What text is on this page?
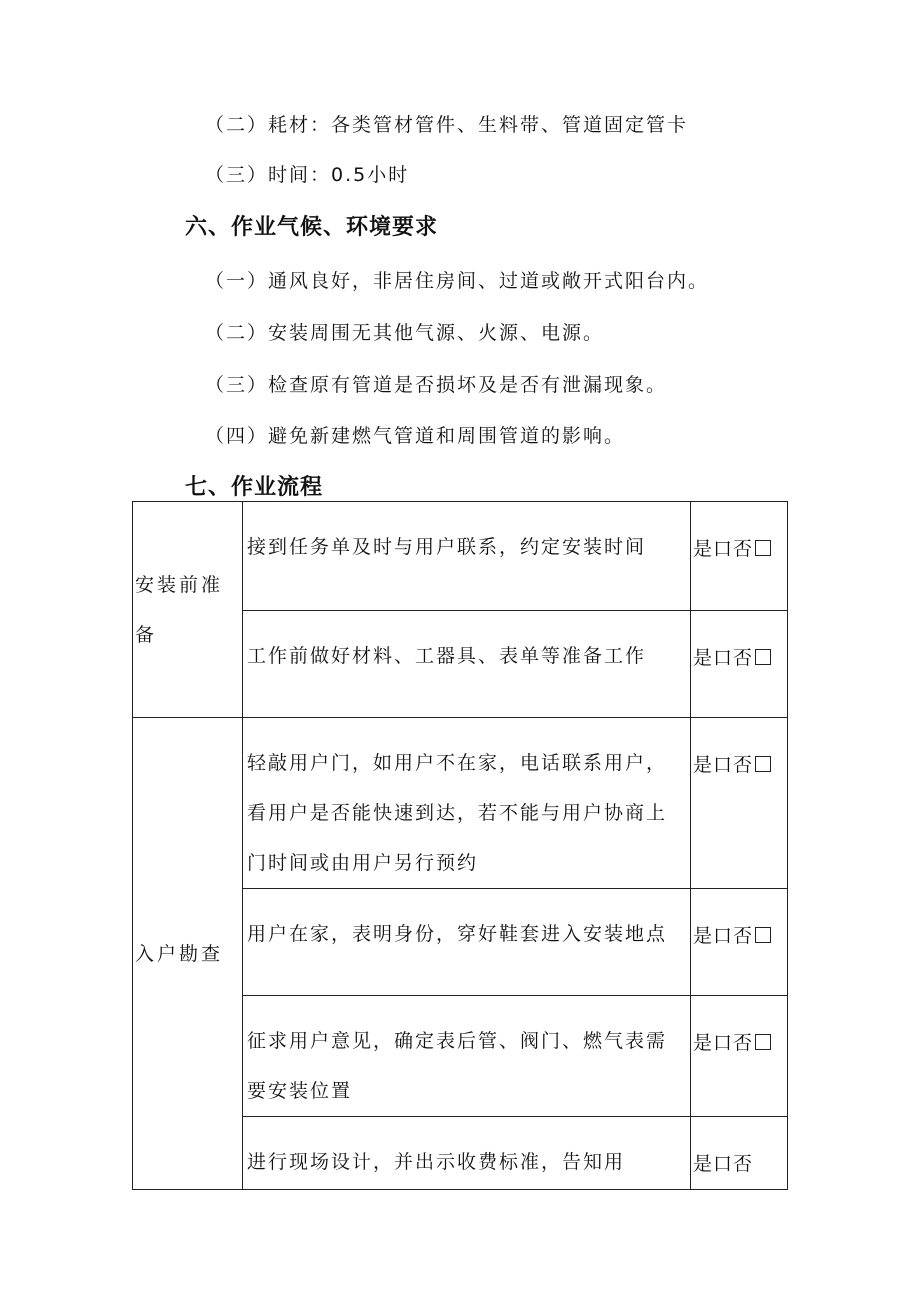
（二）耗材：各类管材管件、生料带、管道固定管卡
（三）时间：0.5小时
六、作业气候、环境要求
（一）通风良好，非居住房间、过道或敞开式阳台内。
（二）安装周围无其他气源、火源、电源。
（三）检查原有管道是否损坏及是否有泄漏现象。
（四）避免新建燃气管道和周围管道的影响。
七、作业流程
安装前准备	接到任务单及时与用户联系，约定安装时间	是口否
	工作前做好材料、工器具、表单等准备工作	是口否
入户勘查	轻敲用户门，如用户不在家，电话联系用户，看用户是否能快速到达，若不能与用户协商上门时间或由用户另行预约	是口否
	用户在家，表明身份，穿好鞋套进入安装地点	是口否
	征求用户意见，确定表后管、阀门、燃气表需要安装位置	是口否
	进行现场设计，并出示收费标准，告知用	是口否
